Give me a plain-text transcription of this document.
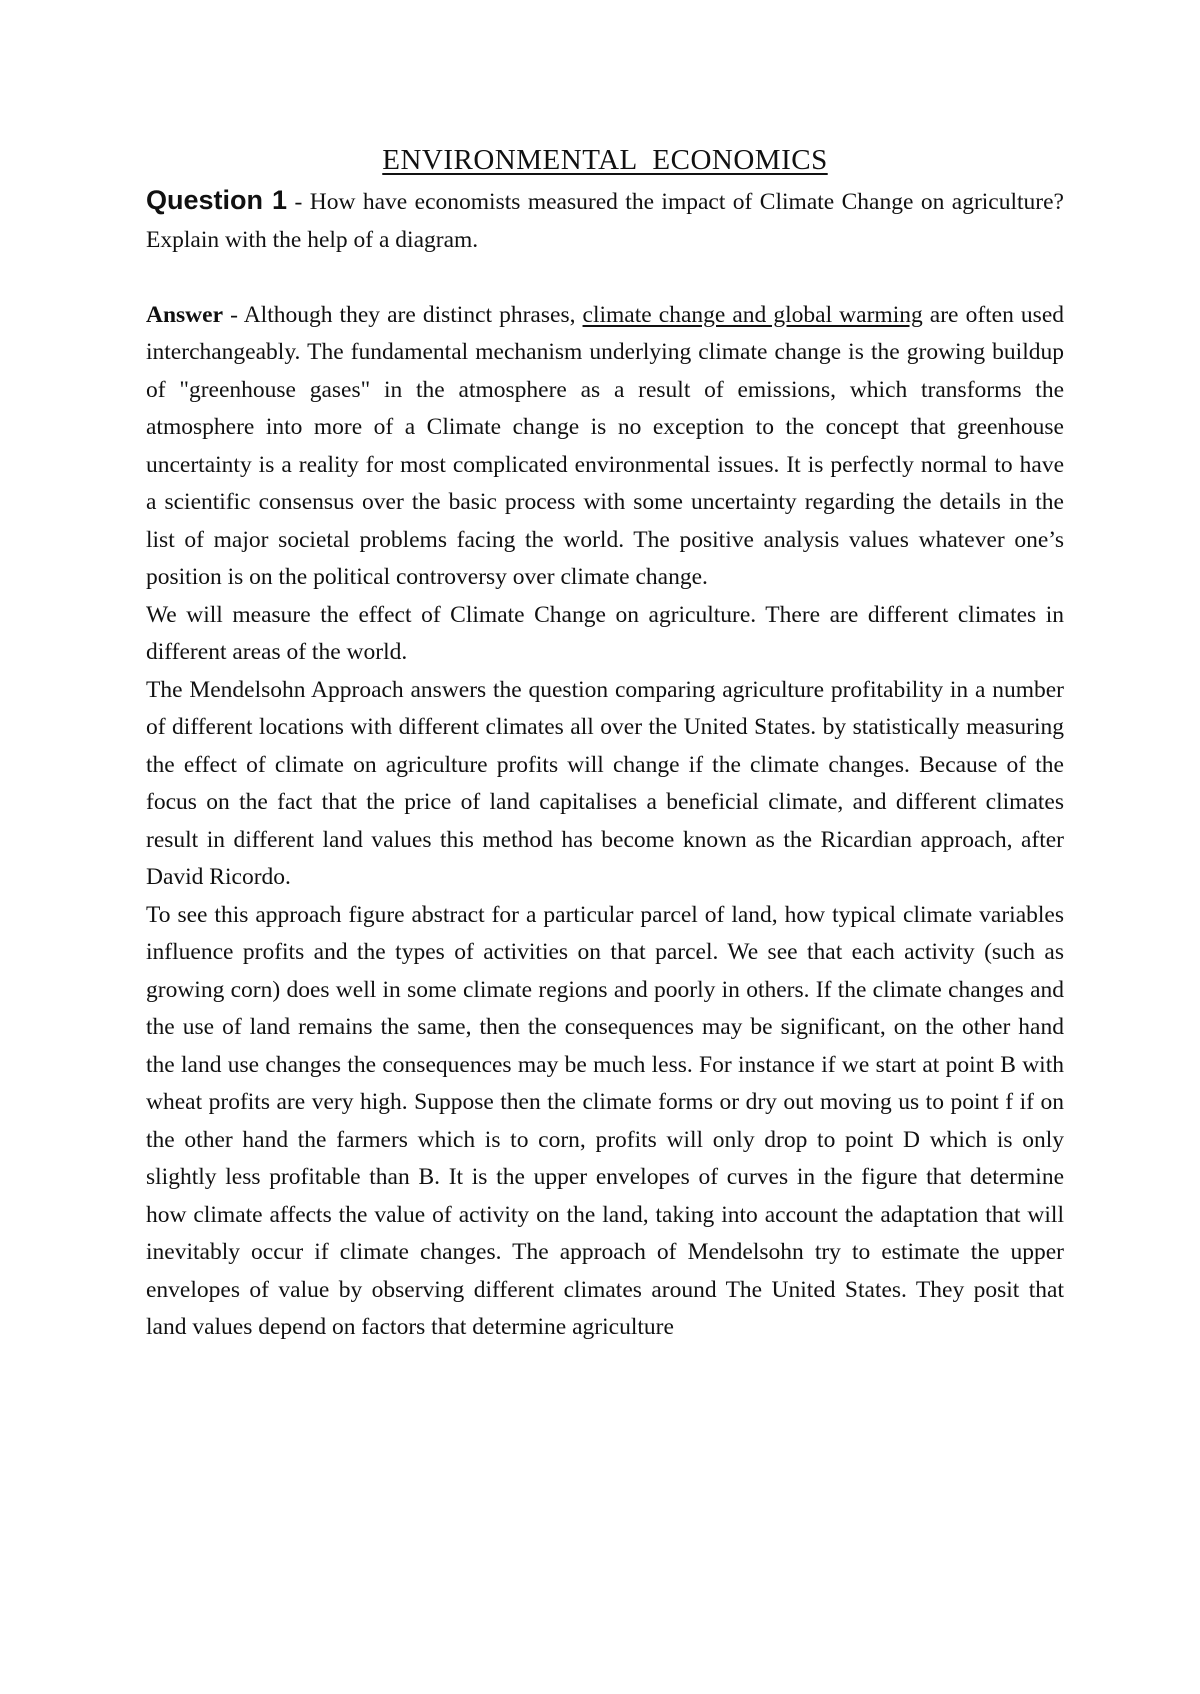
ENVIRONMENTAL ECONOMICS

Question 1 - How have economists measured the impact of Climate Change on agriculture? Explain with the help of a diagram.

Answer - Although they are distinct phrases, climate change and global warming are often used interchangeably. The fundamental mechanism underlying climate change is the growing buildup of "greenhouse gases" in the atmosphere as a result of emissions, which transforms the atmosphere into more of a Climate change is no exception to the concept that greenhouse uncertainty is a reality for most complicated environmental issues. It is perfectly normal to have a scientific consensus over the basic process with some uncertainty regarding the details in the list of major societal problems facing the world. The positive analysis values whatever one’s position is on the political controversy over climate change.

We will measure the effect of Climate Change on agriculture. There are different climates in different areas of the world.

The Mendelsohn Approach answers the question comparing agriculture profitability in a number of different locations with different climates all over the United States. by statistically measuring the effect of climate on agriculture profits will change if the climate changes. Because of the focus on the fact that the price of land capitalises a beneficial climate, and different climates result in different land values this method has become known as the Ricardian approach, after David Ricordo.

To see this approach figure abstract for a particular parcel of land, how typical climate variables influence profits and the types of activities on that parcel. We see that each activity (such as growing corn) does well in some climate regions and poorly in others. If the climate changes and the use of land remains the same, then the consequences may be significant, on the other hand the land use changes the consequences may be much less. For instance if we start at point B with wheat profits are very high. Suppose then the climate forms or dry out moving us to point f if on the other hand the farmers which is to corn, profits will only drop to point D which is only slightly less profitable than B. It is the upper envelopes of curves in the figure that determine how climate affects the value of activity on the land, taking into account the adaptation that will inevitably occur if climate changes. The approach of Mendelsohn try to estimate the upper envelopes of value by observing different climates around The United States. They posit that land values depend on factors that determine agriculture
